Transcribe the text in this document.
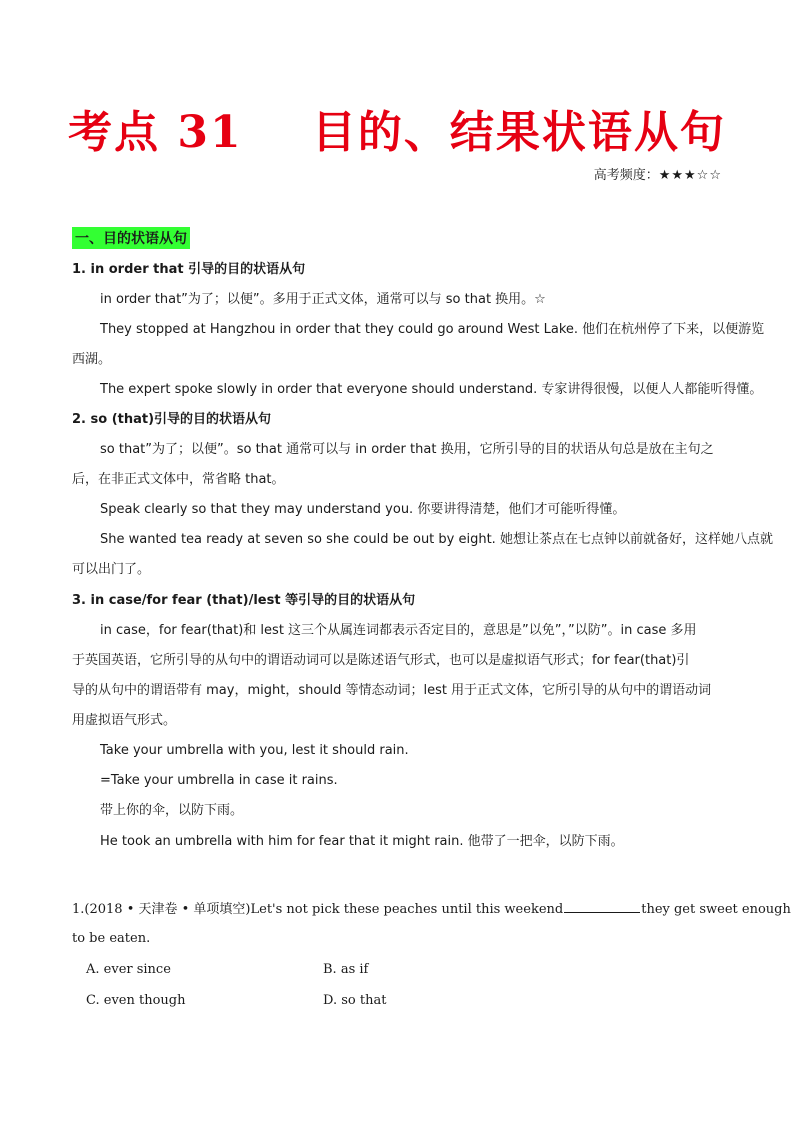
考点 31    目的、结果状语从句
高考频度：★★★☆☆
一、目的状语从句
1. in order that 引导的目的状语从句
in order that”为了；以便”。多用于正式文体，通常可以与 so that 换用。☆
They stopped at Hangzhou in order that they could go around West Lake. 他们在杭州停了下来，以便游览
西湖。
The expert spoke slowly in order that everyone should understand. 专家讲得很慢，以便人人都能听得懂。
2. so (that)引导的目的状语从句
so that”为了；以便”。so that 通常可以与 in order that 换用，它所引导的目的状语从句总是放在主句之
后，在非正式文体中，常省略 that。
Speak clearly so that they may understand you. 你要讲得清楚，他们才可能听得懂。
She wanted tea ready at seven so she could be out by eight. 她想让茶点在七点钟以前就备好，这样她八点就
可以出门了。
3. in case/for fear (that)/lest 等引导的目的状语从句
in case，for fear(that)和 lest 这三个从属连词都表示否定目的，意思是”以免”，”以防”。in case 多用
于英国英语，它所引导的从句中的谓语动词可以是陈述语气形式，也可以是虚拟语气形式；for fear(that)引
导的从句中的谓语带有 may，might，should 等情态动词；lest 用于正式文体，它所引导的从句中的谓语动词
用虚拟语气形式。
Take your umbrella with you, lest it should rain.
=Take your umbrella in case it rains.
带上你的伞，以防下雨。
He took an umbrella with him for fear that it might rain. 他带了一把伞，以防下雨。
1.(2018 • 天津卷 • 单项填空)Let's not pick these peaches until this weekend	they get sweet enough
to be eaten.
A. ever since	B. as if
C. even though	D. so that
